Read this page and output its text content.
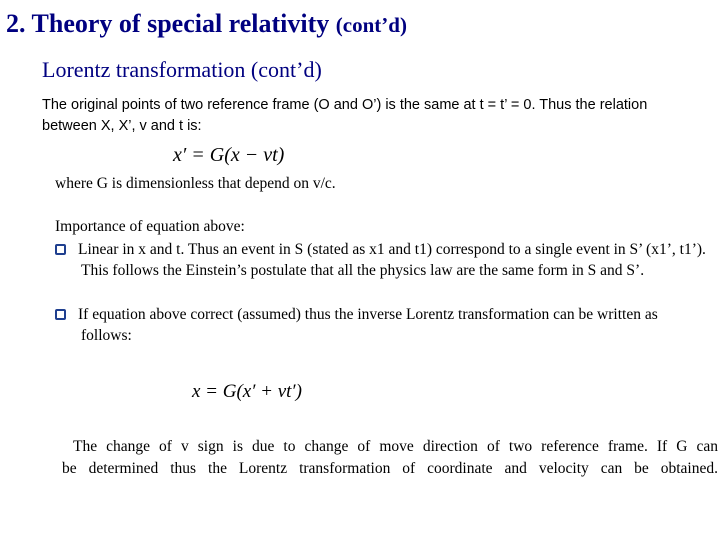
2. Theory of special relativity (cont’d)
Lorentz transformation (cont’d)

The original points of two reference frame (O and O’) is the same at t = t’ = 0. Thus the relation between X, X’, v and t is:

x′ = G(x − vt)
where G is dimensionless that depend on v/c.
Importance of equation above:
Linear in x and t. Thus an event in S (stated as x1 and t1) correspond to a single event in S’ (x1’, t1’). This follows the Einstein’s postulate that all the physics law are the same form in S and S’.
If equation above correct (assumed) thus the inverse Lorentz transformation can be written as follows:
x = G(x′ + vt′)
The change of v sign is due to change of move direction of two reference frame. If G can
be determined thus the Lorentz transformation of coordinate and velocity can be obtained.
